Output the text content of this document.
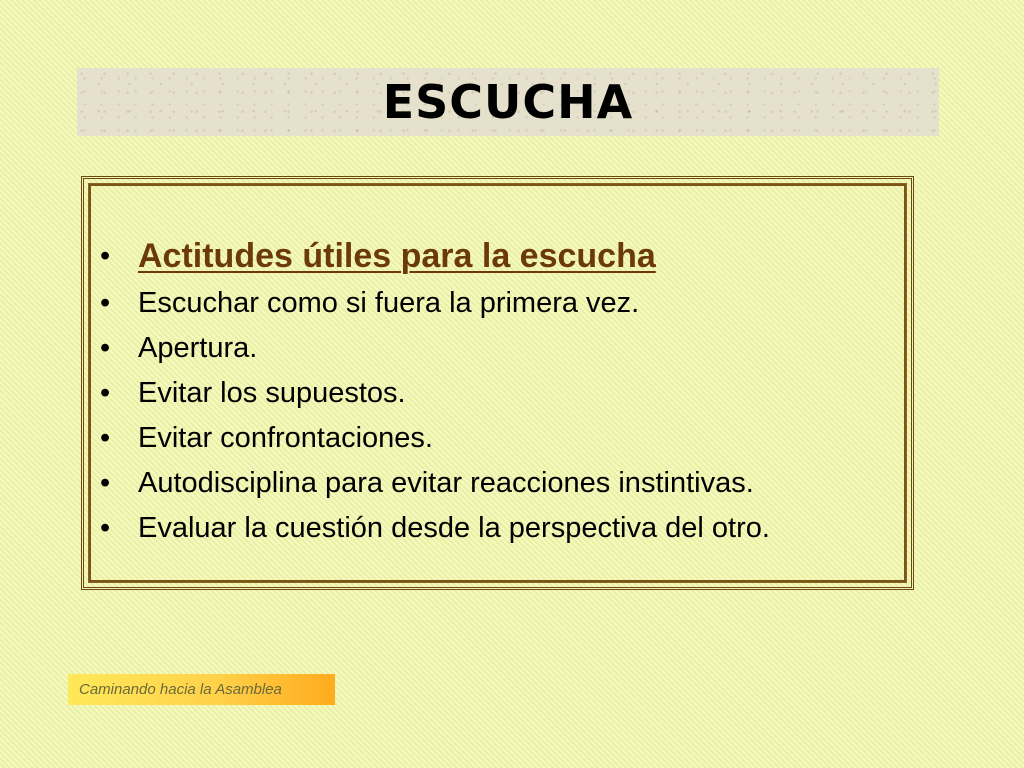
ESCUCHA
• Actitudes útiles para la escucha
• Escuchar como si fuera la primera vez.
• Apertura.
• Evitar los supuestos.
• Evitar confrontaciones.
• Autodisciplina para evitar reacciones instintivas.
• Evaluar la cuestión desde la perspectiva del otro.
Caminando hacia la Asamblea
